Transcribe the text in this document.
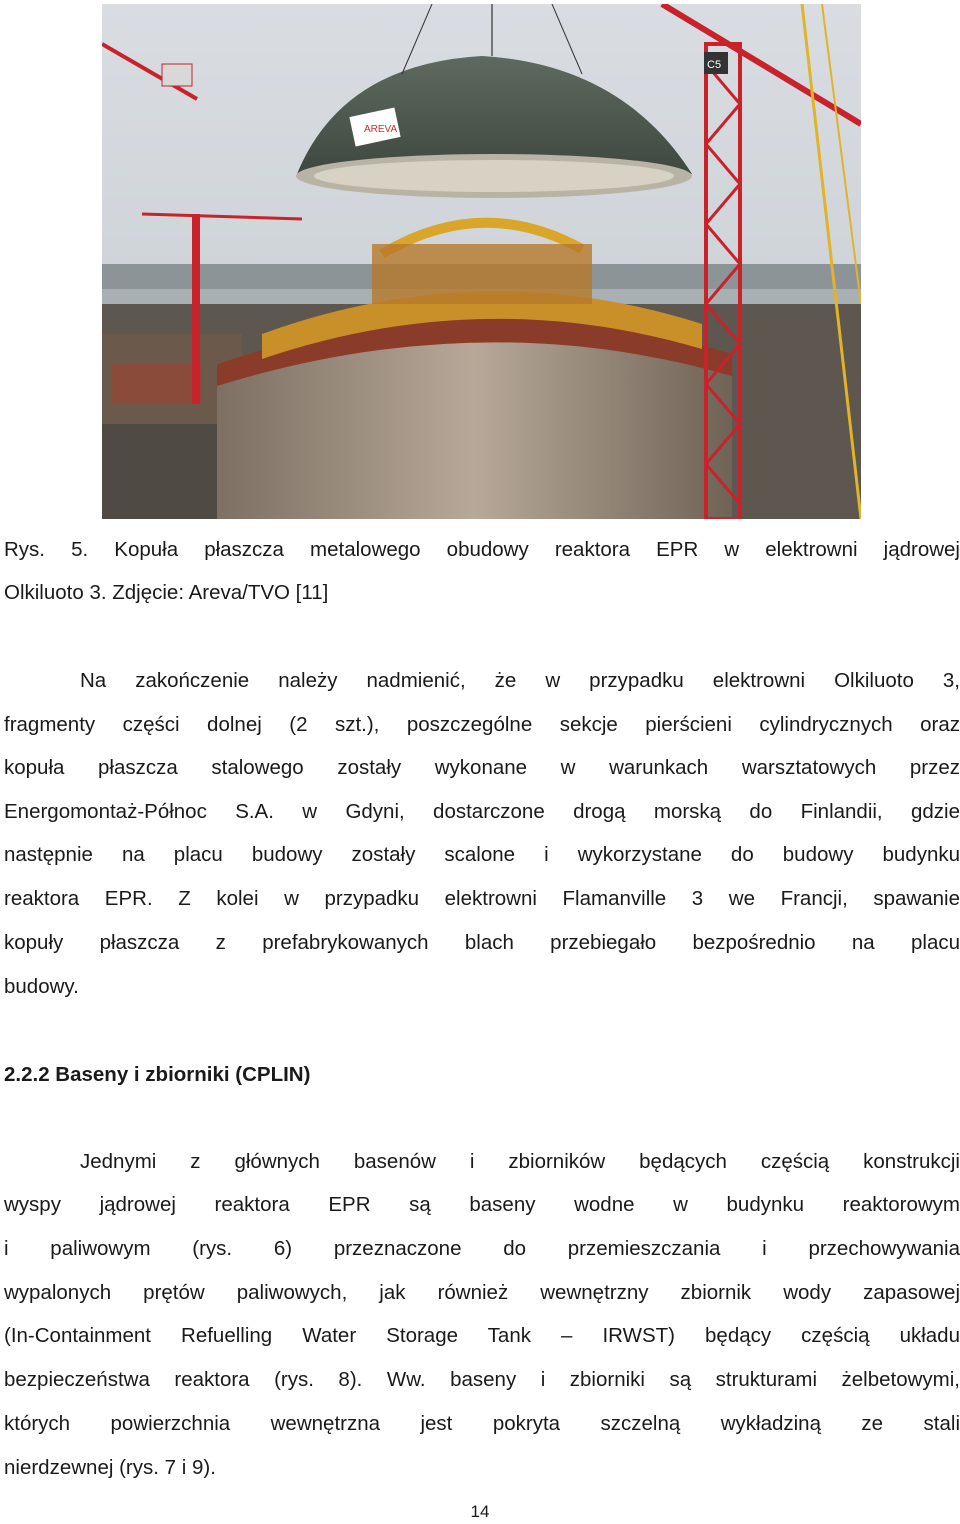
AREVA
C5
Rys. 5. Kopuła płaszcza metalowego obudowy reaktora EPR w elektrowni jądrowej
Olkiluoto 3. Zdjęcie: Areva/TVO [11]
Na zakończenie należy nadmienić, że w przypadku elektrowni Olkiluoto 3,
fragmenty części dolnej (2 szt.), poszczególne sekcje pierścieni cylindrycznych oraz
kopuła płaszcza stalowego zostały wykonane w warunkach warsztatowych przez
Energomontaż-Północ S.A. w Gdyni, dostarczone drogą morską do Finlandii, gdzie
następnie na placu budowy zostały scalone i wykorzystane do budowy budynku
reaktora EPR. Z kolei w przypadku elektrowni Flamanville 3 we Francji, spawanie
kopuły płaszcza z prefabrykowanych blach przebiegało bezpośrednio na placu
budowy.
2.2.2 Baseny i zbiorniki (CPLIN)
Jednymi z głównych basenów i zbiorników będących częścią konstrukcji
wyspy jądrowej reaktora EPR są baseny wodne w budynku reaktorowym
i paliwowym (rys. 6) przeznaczone do przemieszczania i przechowywania
wypalonych prętów paliwowych, jak również wewnętrzny zbiornik wody zapasowej
(In-Containment Refuelling Water Storage Tank – IRWST) będący częścią układu
bezpieczeństwa reaktora (rys. 8). Ww. baseny i zbiorniki są strukturami żelbetowymi,
których powierzchnia wewnętrzna jest pokryta szczelną wykładziną ze stali
nierdzewnej (rys. 7 i 9).
14
